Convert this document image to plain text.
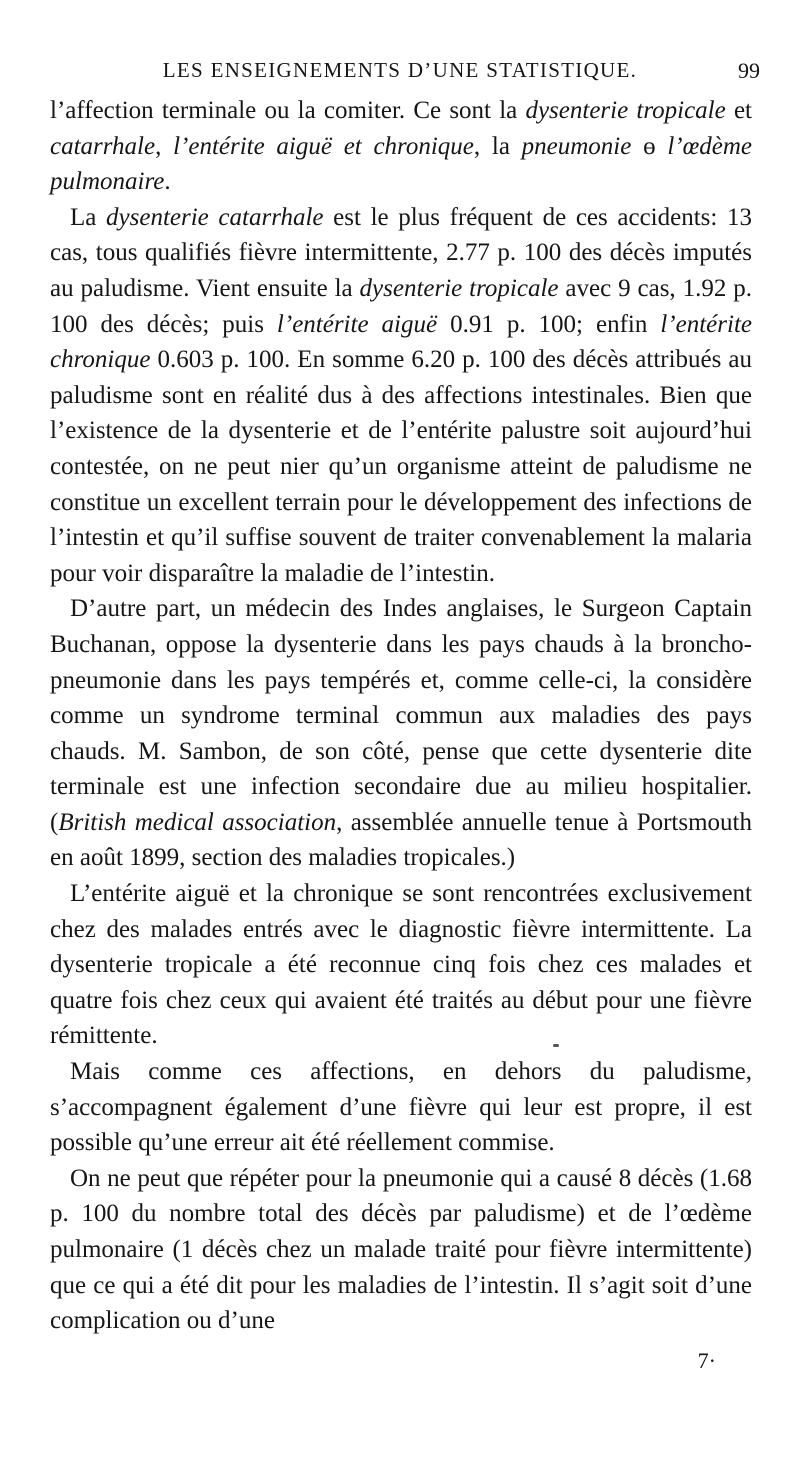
LES ENSEIGNEMENTS D’UNE STATISTIQUE.	99

l’affection terminale ou la comiter. Ce sont la dysenterie tropicale et catarrhale, l’entérite aiguë et chronique, la pneumonie ɵ l’œdème pulmonaire.

La dysenterie catarrhale est le plus fréquent de ces accidents: 13 cas, tous qualifiés fièvre intermittente, 2.77 p. 100 des décès imputés au paludisme. Vient ensuite la dysenterie tropicale avec 9 cas, 1.92 p. 100 des décès; puis l’entérite aiguë 0.91 p. 100; enfin l’entérite chronique 0.603 p. 100. En somme 6.20 p. 100 des décès attribués au paludisme sont en réalité dus à des affections intestinales. Bien que l’existence de la dysenterie et de l’entérite palustre soit aujourd’hui contestée, on ne peut nier qu’un organisme atteint de paludisme ne constitue un excellent terrain pour le développement des infections de l’intestin et qu’il suffise souvent de traiter convenablement la malaria pour voir disparaître la maladie de l’intestin.

D’autre part, un médecin des Indes anglaises, le Surgeon Captain Buchanan, oppose la dysenterie dans les pays chauds à la broncho-pneumonie dans les pays tempérés et, comme celle-ci, la considère comme un syndrome terminal commun aux maladies des pays chauds. M. Sambon, de son côté, pense que cette dysenterie dite terminale est une infection secondaire due au milieu hospitalier. (British medical association, assemblée annuelle tenue à Portsmouth en août 1899, section des maladies tropicales.)

L’entérite aiguë et la chronique se sont rencontrées exclusivement chez des malades entrés avec le diagnostic fièvre intermittente. La dysenterie tropicale a été reconnue cinq fois chez ces malades et quatre fois chez ceux qui avaient été traités au début pour une fièvre rémittente.

Mais comme ces affections, en dehors du paludisme, s’accompagnent également d’une fièvre qui leur est propre, il est possible qu’une erreur ait été réellement commise.

On ne peut que répéter pour la pneumonie qui a causé 8 décès (1.68 p. 100 du nombre total des décès par paludisme) et de l’œdème pulmonaire (1 décès chez un malade traité pour fièvre intermittente) que ce qui a été dit pour les maladies de l’intestin. Il s’agit soit d’une complication ou d’une

7·
